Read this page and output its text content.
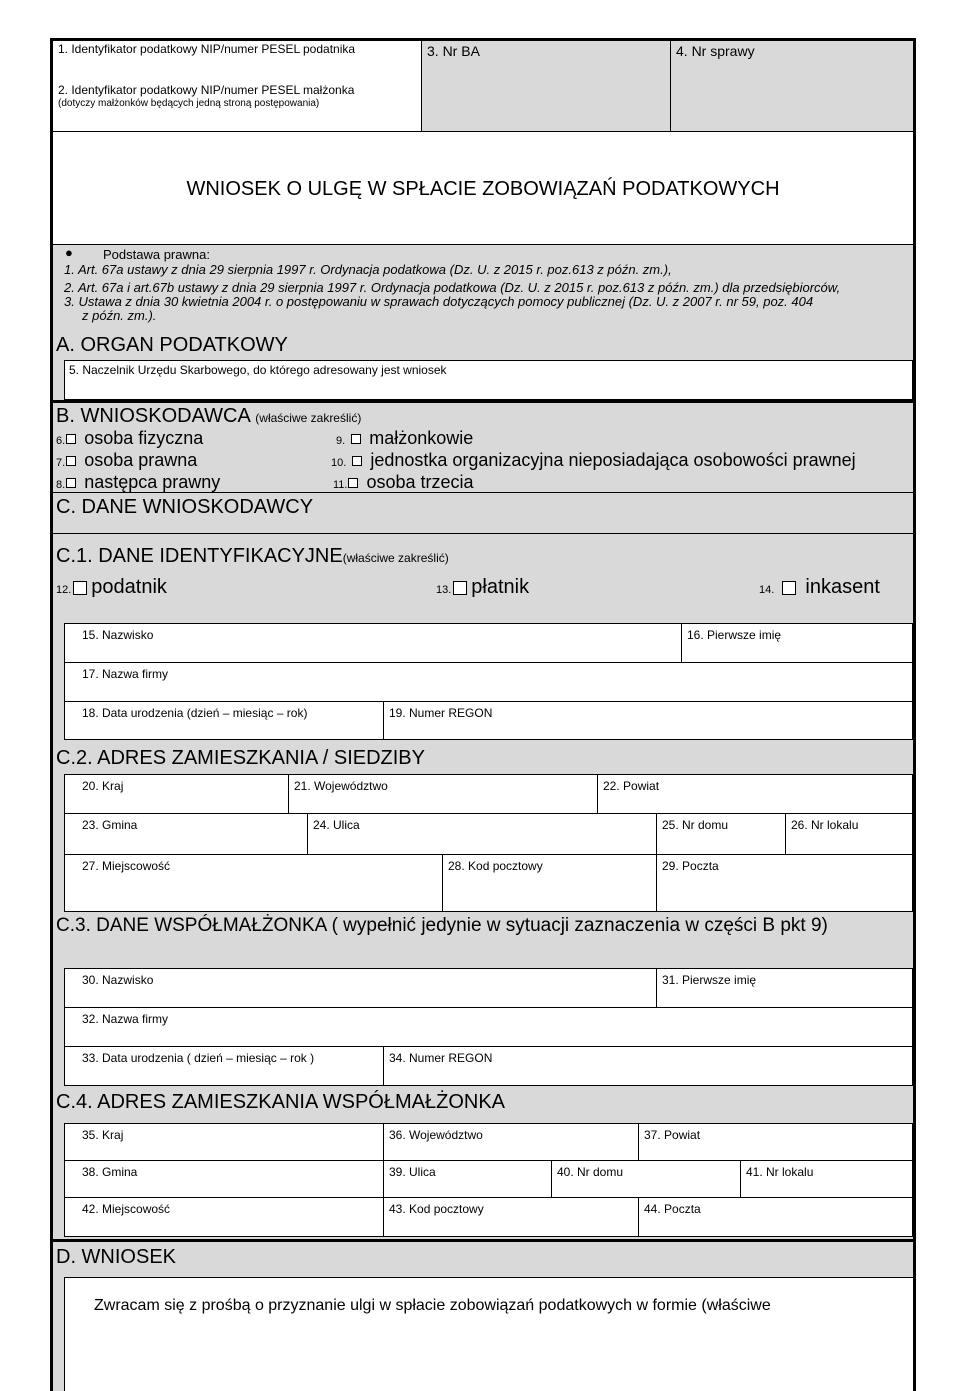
1. Identyfikator podatkowy NIP/numer PESEL podatnika
2. Identyfikator podatkowy NIP/numer PESEL małżonka
(dotyczy małżonków będących jedną stroną postępowania)
3. Nr BA	4. Nr sprawy
WNIOSEK O ULGĘ W SPŁACIE ZOBOWIĄZAŃ PODATKOWYCH
● Podstawa prawna:
1. Art. 67a ustawy z dnia 29 sierpnia 1997 r. Ordynacja podatkowa (Dz. U. z 2015 r. poz.613 z późn. zm.),
2. Art. 67a i art.67b ustawy z dnia 29 sierpnia 1997 r. Ordynacja podatkowa (Dz. U. z 2015 r. poz.613 z późn. zm.) dla przedsiębiorców,
3. Ustawa z dnia 30 kwietnia 2004 r. o postępowaniu w sprawach dotyczących pomocy publicznej (Dz. U. z 2007 r. nr 59, poz. 404
z późn. zm.).
A. ORGAN PODATKOWY
5. Naczelnik Urzędu Skarbowego, do którego adresowany jest wniosek
B. WNIOSKODAWCA (właściwe zakreślić)
6. osoba fizyczna
7. osoba prawna
8. następca prawny
9. małżonkowie
10. jednostka organizacyjna nieposiadająca osobowości prawnej
11. osoba trzecia
C. DANE WNIOSKODAWCY
C.1. DANE IDENTYFIKACYJNE(właściwe zakreślić)
12. podatnik	13. płatnik	14. inkasent
15. Nazwisko	16. Pierwsze imię
17. Nazwa firmy
18. Data urodzenia (dzień – miesiąc – rok)	19. Numer REGON
C.2. ADRES ZAMIESZKANIA / SIEDZIBY
20. Kraj	21. Województwo	22. Powiat
23. Gmina	24. Ulica	25. Nr domu	26. Nr lokalu
27. Miejscowość	28. Kod pocztowy	29. Poczta
C.3. DANE WSPÓŁMAŁŻONKA ( wypełnić jedynie w sytuacji zaznaczenia w części B pkt 9)
30. Nazwisko	31. Pierwsze imię
32. Nazwa firmy
33. Data urodzenia ( dzień – miesiąc – rok )	34. Numer REGON
C.4. ADRES ZAMIESZKANIA WSPÓŁMAŁŻONKA
35. Kraj	36. Województwo	37. Powiat
38. Gmina	39. Ulica	40. Nr domu	41. Nr lokalu
42. Miejscowość	43. Kod pocztowy	44. Poczta
D. WNIOSEK
Zwracam się z prośbą o przyznanie ulgi w spłacie zobowiązań podatkowych w formie (właściwe
